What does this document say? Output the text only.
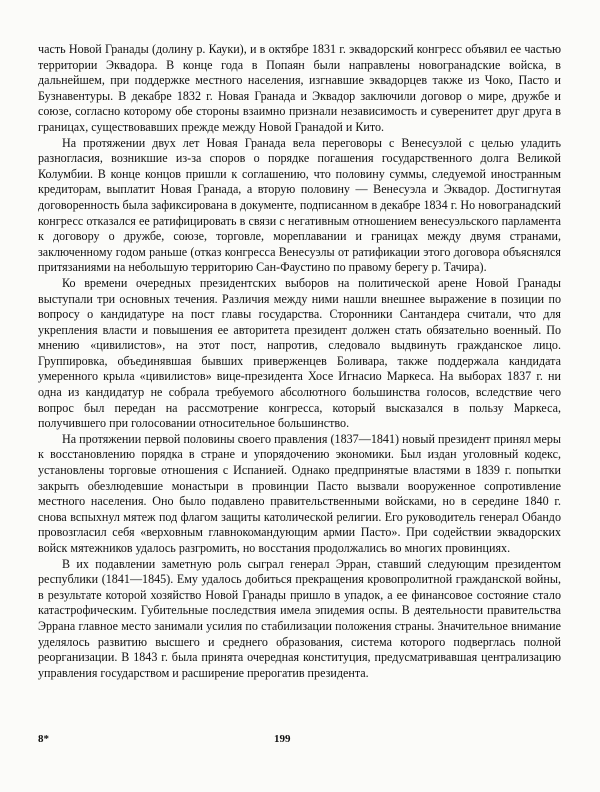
часть Новой Гранады (долину р. Кауки), и в октябре 1831 г. эквадорский конгресс объявил ее частью территории Эквадора. В конце года в Попаян были направлены новогранадские войска, в дальнейшем, при поддержке местного населения, изгнавшие эквадорцев также из Чоко, Пасто и Бузнавентуры. В декабре 1832 г. Новая Гранада и Эквадор заключили договор о мире, дружбе и союзе, согласно которому обе стороны взаимно признали независимость и суверенитет друг друга в границах, существовавших прежде между Новой Гранадой и Кито.

На протяжении двух лет Новая Гранада вела переговоры с Венесуэлой с целью уладить разногласия, возникшие из-за споров о порядке погашения государственного долга Великой Колумбии. В конце концов пришли к соглашению, что половину суммы, следуемой иностранным кредиторам, выплатит Новая Гранада, а вторую половину — Венесуэла и Эквадор. Достигнутая договоренность была зафиксирована в документе, подписанном в декабре 1834 г. Но новогранадский конгресс отказался ее ратифицировать в связи с негативным отношением венесуэльского парламента к договору о дружбе, союзе, торговле, мореплавании и границах между двумя странами, заключенному годом раньше (отказ конгресса Венесуэлы от ратификации этого договора объяснялся притязаниями на небольшую территорию Сан-Фаустино по правому берегу р. Тачира).

Ко времени очередных президентских выборов на политической арене Новой Гранады выступали три основных течения. Различия между ними нашли внешнее выражение в позиции по вопросу о кандидатуре на пост главы государства. Сторонники Сантандера считали, что для укрепления власти и повышения ее авторитета президент должен стать обязательно военный. По мнению «цивилистов», на этот пост, напротив, следовало выдвинуть гражданское лицо. Группировка, объединявшая бывших приверженцев Боливара, также поддержала кандидата умеренного крыла «цивилистов» вице-президента Хосе Игнасио Маркеса. На выборах 1837 г. ни одна из кандидатур не собрала требуемого абсолютного большинства голосов, вследствие чего вопрос был передан на рассмотрение конгресса, который высказался в пользу Маркеса, получившего при голосовании относительное большинство.

На протяжении первой половины своего правления (1837—1841) новый президент принял меры к восстановлению порядка в стране и упорядочению экономики. Был издан уголовный кодекс, установлены торговые отношения с Испанией. Однако предпринятые властями в 1839 г. попытки закрыть обезлюдевшие монастыри в провинции Пасто вызвали вооруженное сопротивление местного населения. Оно было подавлено правительственными войсками, но в середине 1840 г. снова вспыхнул мятеж под флагом защиты католической религии. Его руководитель генерал Обандо провозгласил себя «верховным главнокомандующим армии Пасто». При содействии эквадорских войск мятежников удалось разгромить, но восстания продолжались во многих провинциях.

В их подавлении заметную роль сыграл генерал Эрран, ставший следующим президентом республики (1841—1845). Ему удалось добиться прекращения кровопролитной гражданской войны, в результате которой хозяйство Новой Гранады пришло в упадок, а ее финансовое состояние стало катастрофическим. Губительные последствия имела эпидемия оспы. В деятельности правительства Эррана главное место занимали усилия по стабилизации положения страны. Значительное внимание уделялось развитию высшего и среднего образования, система которого подверглась полной реорганизации. В 1843 г. была принята очередная конституция, предусматривавшая централизацию управления государством и расширение прерогатив президента.

8*	199
